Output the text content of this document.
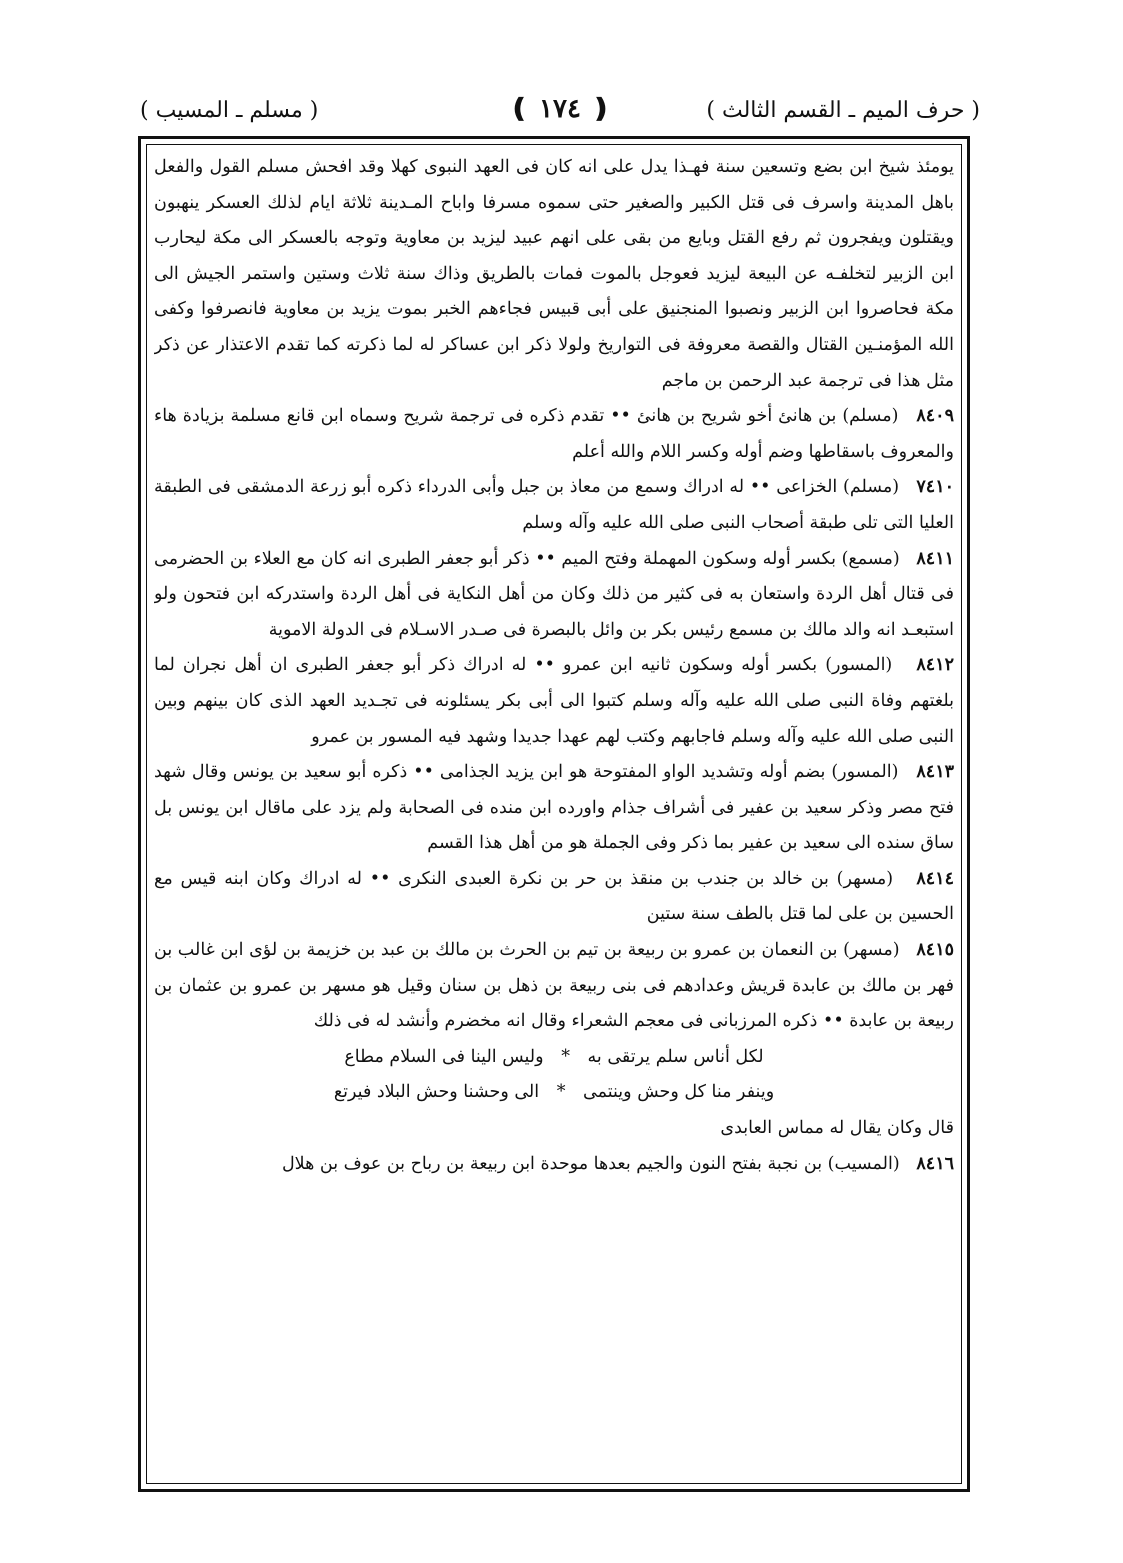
( حرف الميم ـ القسم الثالث )
❪ ١٧٤ ❫
( مسلم ـ المسيب )

يومئذ شيخ ابن بضع وتسعين سنة فهـذا يدل على انه كان فى العهد النبوى كهلا وقد افحش مسلم القول والفعل باهل المدينة واسرف فى قتل الكبير والصغير حتى سموه مسرفا واباح المـدينة ثلاثة ايام لذلك العسكر ينهبون ويقتلون ويفجرون ثم رفع القتل وبايع من بقى على انهم عبيد ليزيد بن معاوية وتوجه بالعسكر الى مكة ليحارب ابن الزبير لتخلفـه عن البيعة ليزيد فعوجل بالموت فمات بالطريق وذاك سنة ثلاث وستين واستمر الجيش الى مكة فحاصروا ابن الزبير ونصبوا المنجنيق على أبى قبيس فجاءهم الخبر بموت يزيد بن معاوية فانصرفوا وكفى الله المؤمنـين القتال والقصة معروفة فى التواريخ ولولا ذكر ابن عساكر له لما ذكرته كما تقدم الاعتذار عن ذكر مثل هذا فى ترجمة عبد الرحمن بن ماجم

٨٤٠٩   (مسلم) بن هانئ أخو شريح بن هانئ •• تقدم ذكره فى ترجمة شريح وسماه ابن قانع مسلمة بزيادة هاء والمعروف باسقاطها وضم أوله وكسر اللام والله أعلم

٧٤١٠   (مسلم) الخزاعى •• له ادراك وسمع من معاذ بن جبل وأبى الدرداء ذكره أبو زرعة الدمشقى فى الطبقة العليا التى تلى طبقة أصحاب النبى صلى الله عليه وآله وسلم

٨٤١١   (مسمع) بكسر أوله وسكون المهملة وفتح الميم •• ذكر أبو جعفر الطبرى انه كان مع العلاء بن الحضرمى فى قتال أهل الردة واستعان به فى كثير من ذلك وكان من أهل النكاية فى أهل الردة واستدركه ابن فتحون ولو استبعـد انه والد مالك بن مسمع رئيس بكر بن وائل بالبصرة فى صـدر الاسـلام فى الدولة الاموية

٨٤١٢   (المسور) بكسر أوله وسكون ثانيه ابن عمرو •• له ادراك ذكر أبو جعفر الطبرى ان أهل نجران لما بلغتهم وفاة النبى صلى الله عليه وآله وسلم كتبوا الى أبى بكر يسئلونه فى تجـديد العهد الذى كان بينهم وبين النبى صلى الله عليه وآله وسلم فاجابهم وكتب لهم عهدا جديدا وشهد فيه المسور بن عمرو

٨٤١٣   (المسور) بضم أوله وتشديد الواو المفتوحة هو ابن يزيد الجذامى •• ذكره أبو سعيد بن يونس وقال شهد فتح مصر وذكر سعيد بن عفير فى أشراف جذام واورده ابن منده فى الصحابة ولم يزد على ماقال ابن يونس بل ساق سنده الى سعيد بن عفير بما ذكر وفى الجملة هو من أهل هذا القسم

٨٤١٤   (مسهر) بن خالد بن جندب بن منقذ بن حر بن نكرة العبدى النكرى •• له ادراك وكان ابنه قيس مع الحسين بن على لما قتل بالطف سنة ستين

٨٤١٥   (مسهر) بن النعمان بن عمرو بن ربيعة بن تيم بن الحرث بن مالك بن عبد بن خزيمة بن لؤى ابن غالب بن فهر بن مالك بن عابدة قريش وعدادهم فى بنى ربيعة بن ذهل بن سنان وقيل هو مسهر بن عمرو بن عثمان بن ربيعة بن عابدة •• ذكره المرزبانى فى معجم الشعراء وقال انه مخضرم وأنشد له فى ذلك

لكل أناس سلم يرتقى به * وليس الينا فى السلام مطاع
وينفر منا كل وحش وينتمى * الى وحشنا وحش البلاد فيرتع

قال وكان يقال له مماس العابدى

٨٤١٦   (المسيب) بن نجبة بفتح النون والجيم بعدها موحدة ابن ربيعة بن رباح بن عوف بن هلال
